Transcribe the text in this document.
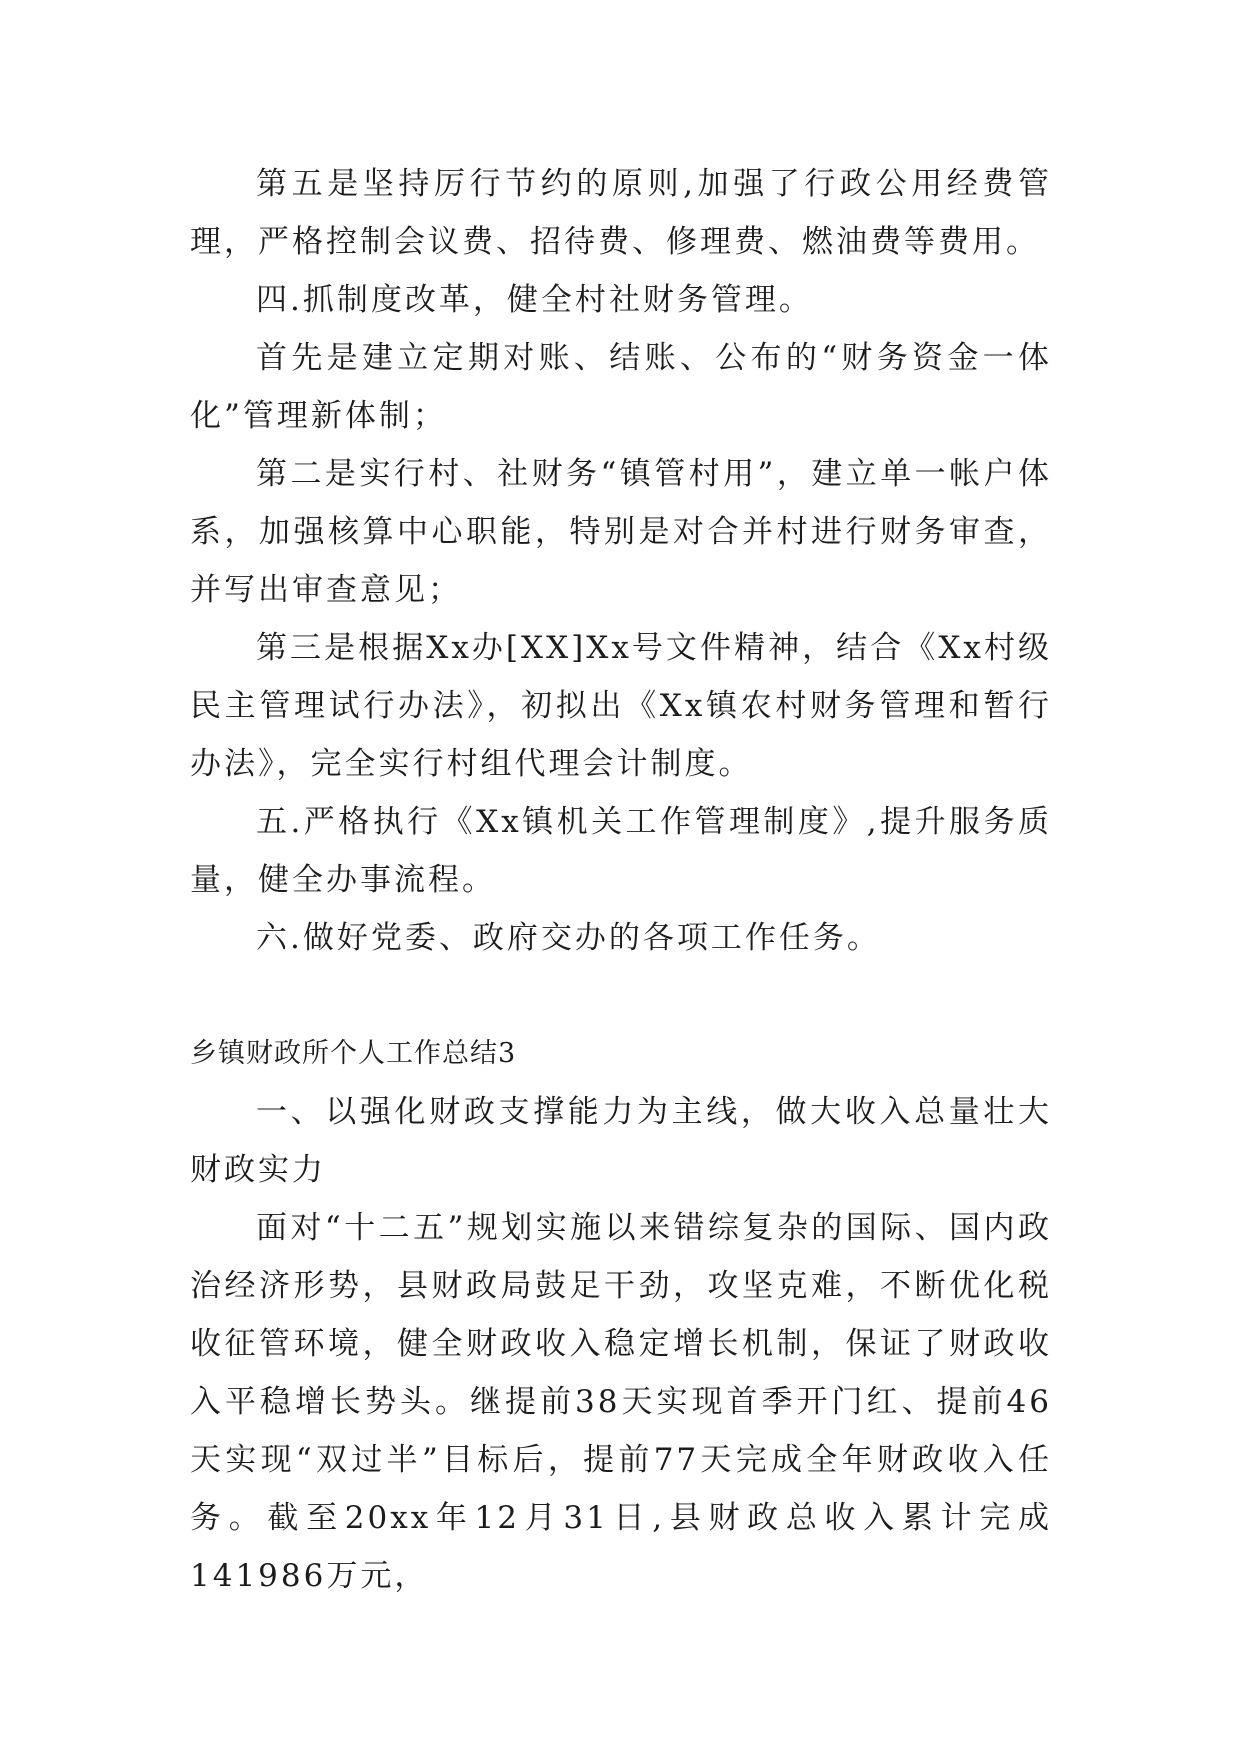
第五是坚持厉行节约的原则,加强了行政公用经费管理，严格控制会议费、招待费、修理费、燃油费等费用。

四.抓制度改革，健全村社财务管理。

首先是建立定期对账、结账、公布的“财务资金一体化”管理新体制；

第二是实行村、社财务“镇管村用”，建立单一帐户体系，加强核算中心职能，特别是对合并村进行财务审查，并写出审查意见；

第三是根据Xx办[XX]Xx号文件精神，结合《Xx村级民主管理试行办法》，初拟出《Xx镇农村财务管理和暂行办法》，完全实行村组代理会计制度。

五.严格执行《Xx镇机关工作管理制度》,提升服务质量，健全办事流程。

六.做好党委、政府交办的各项工作任务。

乡镇财政所个人工作总结3

一、以强化财政支撑能力为主线，做大收入总量壮大财政实力

面对“十二五”规划实施以来错综复杂的国际、国内政治经济形势，县财政局鼓足干劲，攻坚克难，不断优化税收征管环境，健全财政收入稳定增长机制，保证了财政收入平稳增长势头。继提前38天实现首季开门红、提前46天实现“双过半”目标后，提前77天完成全年财政收入任务。截至20xx年12月31日,县财政总收入累计完成141986万元，
